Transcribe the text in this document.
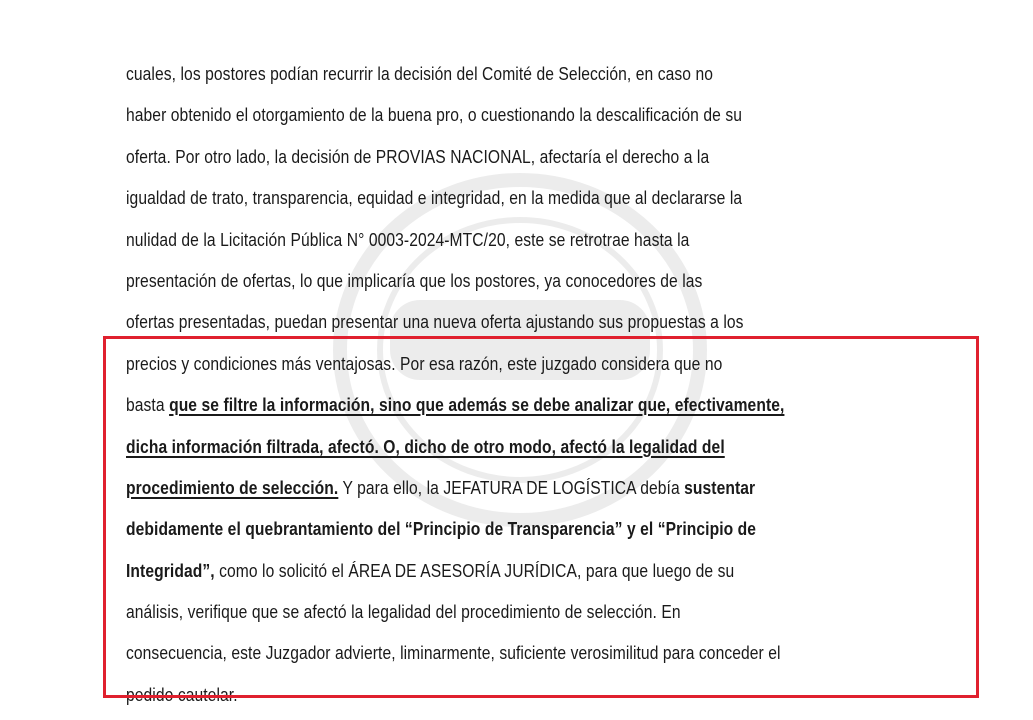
cuales, los postores podían recurrir la decisión del Comité de Selección, en caso no
haber obtenido el otorgamiento de la buena pro, o cuestionando la descalificación de su
oferta. Por otro lado, la decisión de PROVIAS NACIONAL, afectaría el derecho a la
igualdad de trato, transparencia, equidad e integridad, en la medida que al declararse la
nulidad de la Licitación Pública N° 0003-2024-MTC/20, este se retrotrae hasta la
presentación de ofertas, lo que implicaría que los postores, ya conocedores de las
ofertas presentadas, puedan presentar una nueva oferta ajustando sus propuestas a los
precios y condiciones más ventajosas. Por esa razón, este juzgado considera que no
basta que se filtre la información, sino que además se debe analizar que, efectivamente,
dicha información filtrada, afectó. O, dicho de otro modo, afectó la legalidad del
procedimiento de selección. Y para ello, la JEFATURA DE LOGÍSTICA debía sustentar
debidamente el quebrantamiento del “Principio de Transparencia” y el “Principio de
Integridad”, como lo solicitó el ÁREA DE ASESORÍA JURÍDICA, para que luego de su
análisis, verifique que se afectó la legalidad del procedimiento de selección. En
consecuencia, este Juzgador advierte, liminarmente, suficiente verosimilitud para conceder el
pedido cautelar.
